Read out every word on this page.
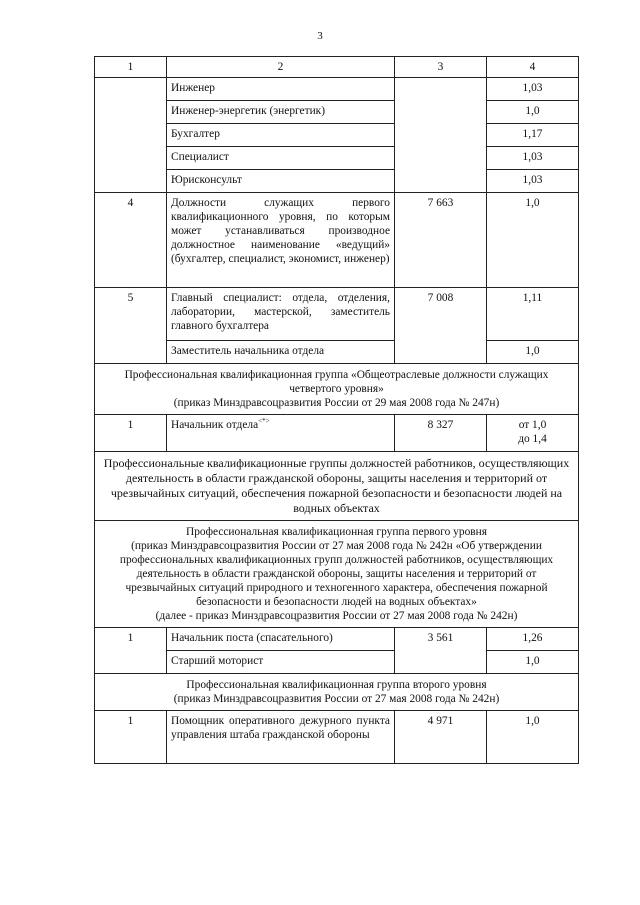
3
1	2	3	4
	Инженер		1,03
	Инженер-энергетик (энергетик)		1,0
	Бухгалтер		1,17
	Специалист		1,03
	Юрисконсульт		1,03
4	Должности служащих первого квалификационного уровня, по которым может устанавливаться производное должностное наименование «ведущий» (бухгалтер, специалист, экономист, инженер)	7 663	1,0
5	Главный специалист: отдела, отделения, лаборатории, мастерской, заместитель главного бухгалтера	7 008	1,11
	Заместитель начальника отдела		1,0

Профессиональная квалификационная группа «Общеотраслевые должности служащих четвертого уровня»
(приказ Минздравсоцразвития России от 29 мая 2008 года № 247н)			

1	Начальник отдела<*>	8 327	от 1,0
до 1,4

Профессиональные квалификационные группы должностей работников, осуществляющих деятельность в области гражданской обороны, защиты населения и территорий от чрезвычайных ситуаций, обеспечения пожарной безопасности и безопасности людей на водных объектах			

Профессиональная квалификационная группа первого уровня
(приказ Минздравсоцразвития России от 27 мая 2008 года № 242н «Об утверждении профессиональных квалификационных групп должностей работников, осуществляющих деятельность в области гражданской обороны, защиты населения и территорий от чрезвычайных ситуаций природного и техногенного характера, обеспечения пожарной безопасности и безопасности людей на водных объектах»
(далее - приказ Минздравсоцразвития России от 27 мая 2008 года № 242н)			

1	Начальник поста (спасательного)	3 561	1,26
	Старший моторист		1,0

Профессиональная квалификационная группа второго уровня
(приказ Минздравсоцразвития России от 27 мая 2008 года № 242н)			

1	Помощник оперативного дежурного пункта управления штаба гражданской обороны	4 971	1,0
